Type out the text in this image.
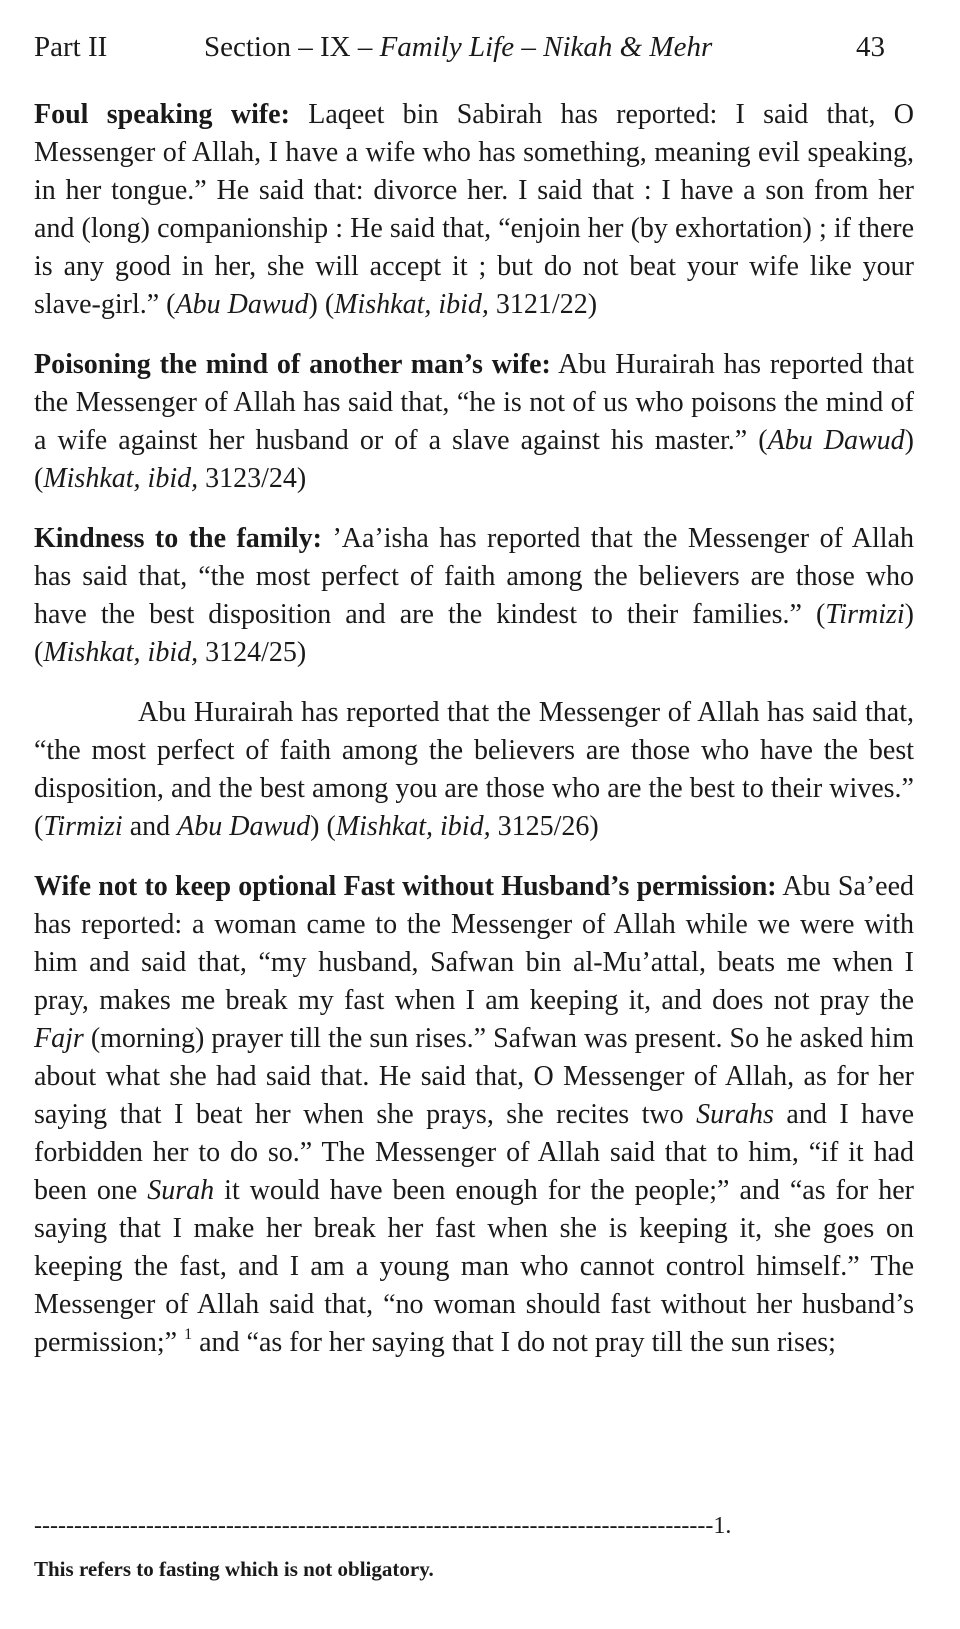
Part II	Section – IX – Family Life – Nikah & Mehr	43

Foul speaking wife: Laqeet bin Sabirah has reported: I said that, O Messenger of Allah, I have a wife who has something, meaning evil speaking, in her tongue.” He said that: divorce her. I said that : I have a son from her and (long) companionship : He said that, “enjoin her (by exhortation) ; if there is any good in her, she will accept it ; but do not beat your wife like your slave-girl.” (Abu Dawud) (Mishkat, ibid, 3121/22)

Poisoning the mind of another man’s wife: Abu Hurairah has reported that the Messenger of Allah has said that, “he is not of us who poisons the mind of a wife against her husband or of a slave against his master.” (Abu Dawud) (Mishkat, ibid, 3123/24)

Kindness to the family: ’Aa’isha has reported that the Messenger of Allah has said that, “the most perfect of faith among the believers are those who have the best disposition and are the kindest to their families.” (Tirmizi) (Mishkat, ibid, 3124/25)

Abu Hurairah has reported that the Messenger of Allah has said that, “the most perfect of faith among the believers are those who have the best disposition, and the best among you are those who are the best to their wives.” (Tirmizi and Abu Dawud) (Mishkat, ibid, 3125/26)

Wife not to keep optional Fast without Husband’s permission: Abu Sa’eed has reported: a woman came to the Messenger of Allah while we were with him and said that, “my husband, Safwan bin al-Mu’attal, beats me when I pray, makes me break my fast when I am keeping it, and does not pray the Fajr (morning) prayer till the sun rises.” Safwan was present. So he asked him about what she had said that. He said that, O Messenger of Allah, as for her saying that I beat her when she prays, she recites two Surahs and I have forbidden her to do so.” The Messenger of Allah said that to him, “if it had been one Surah it would have been enough for the people;” and “as for her saying that I make her break her fast when she is keeping it, she goes on keeping the fast, and I am a young man who cannot control himself.” The Messenger of Allah said that, “no woman should fast without her husband’s permission;” $^1$ and “as for her saying that I do not pray till the sun rises;

-------------------------------------------------------------------------------------1.
This refers to fasting which is not obligatory.
